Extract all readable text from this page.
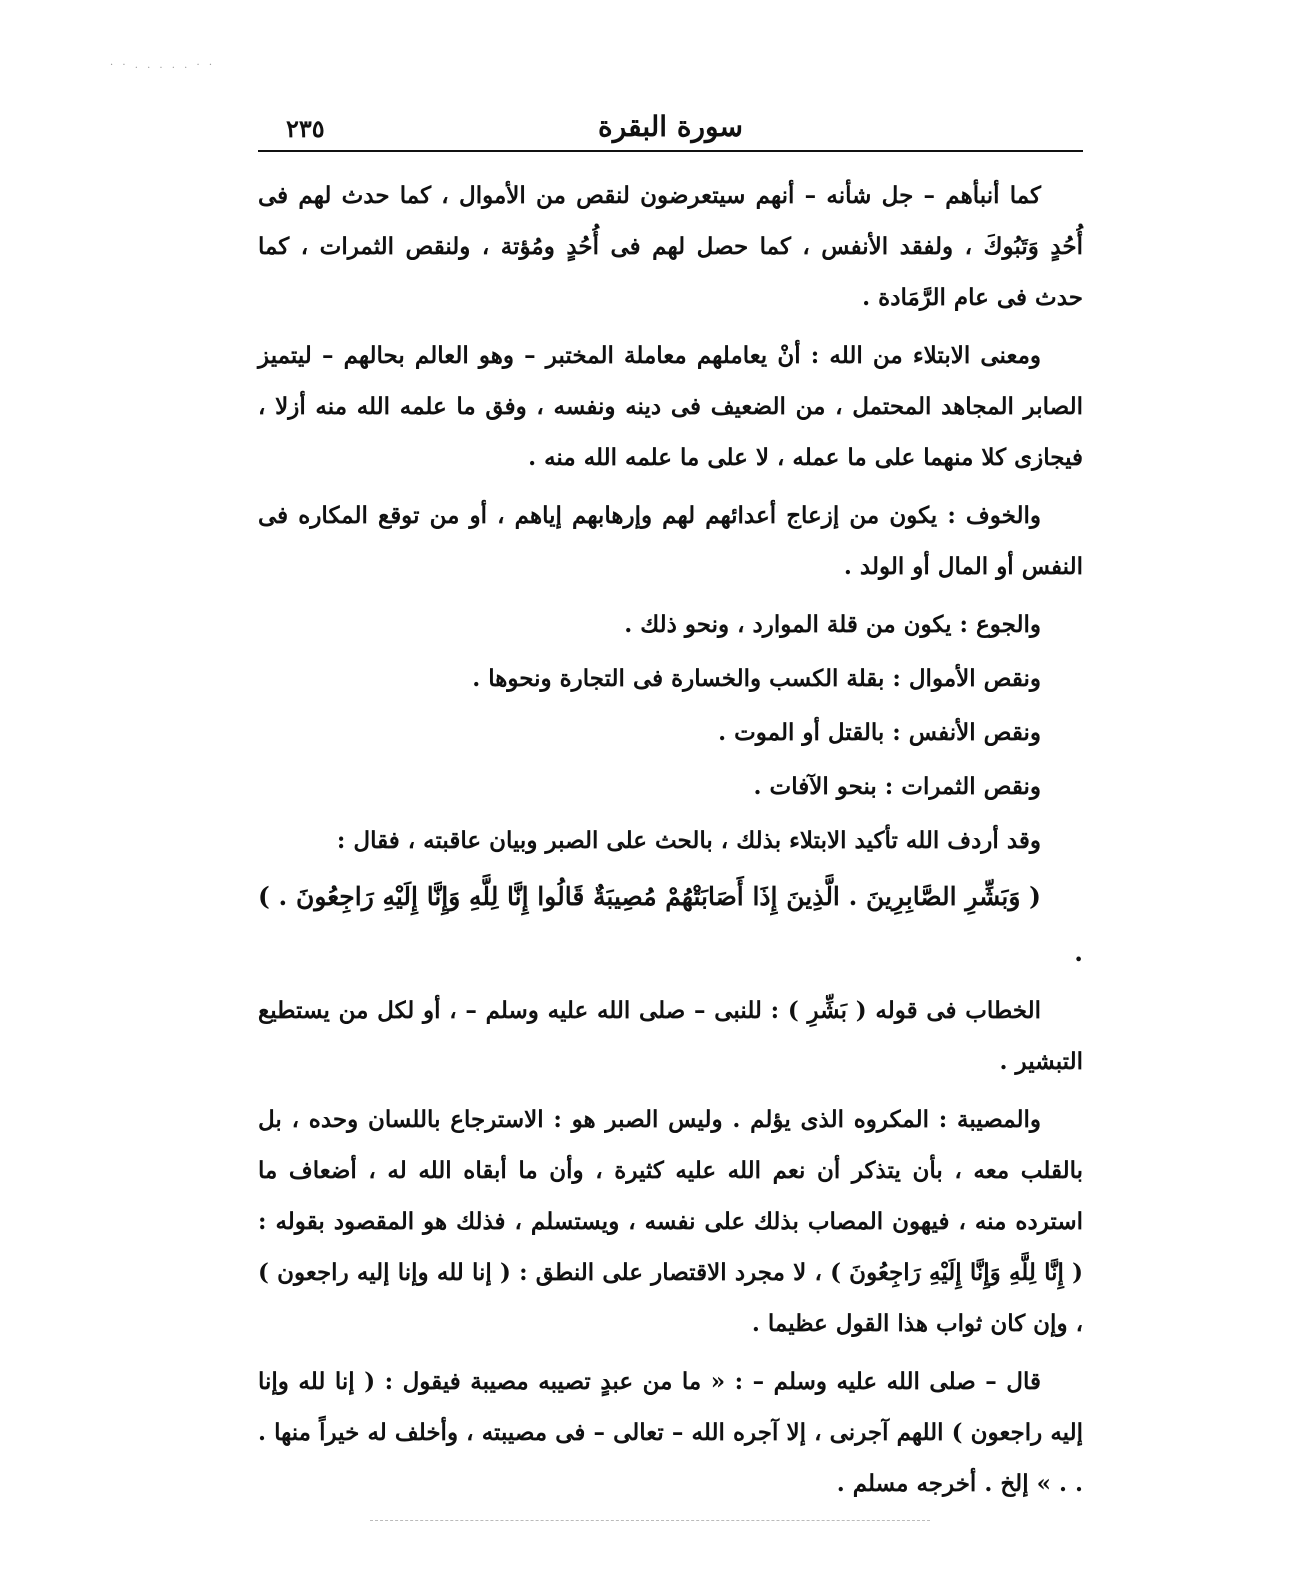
· · . . . . . · ·
٢٣٥	سورة البقرة

كما أنبأهم – جل شأنه – أنهم سيتعرضون لنقص من الأموال ، كما حدث لهم فى أُحُدٍ وَتَبُوكَ ، ولفقد الأنفس ، كما حصل لهم فى أُحُدٍ ومُؤتة ، ولنقص الثمرات ، كما حدث فى عام الرَّمَادة .

ومعنى الابتلاء من الله : أنْ يعاملهم معاملة المختبر – وهو العالم بحالهم – ليتميز الصابر المجاهد المحتمل ، من الضعيف فى دينه ونفسه ، وفق ما علمه الله منه أزلا ، فيجازى كلا منهما على ما عمله ، لا على ما علمه الله منه .

والخوف : يكون من إزعاج أعدائهم لهم وإرهابهم إياهم ، أو من توقع المكاره فى النفس أو المال أو الولد .

والجوع : يكون من قلة الموارد ، ونحو ذلك .

ونقص الأموال : بقلة الكسب والخسارة فى التجارة ونحوها .

ونقص الأنفس : بالقتل أو الموت .

ونقص الثمرات : بنحو الآفات .

وقد أردف الله تأكيد الابتلاء بذلك ، بالحث على الصبر وبيان عاقبته ، فقال :

( وَبَشِّرِ الصَّابِرِينَ . الَّذِينَ إِذَا أَصَابَتْهُمْ مُصِيبَةٌ قَالُوا إِنَّا لِلَّهِ وَإِنَّا إِلَيْهِ رَاجِعُونَ . ) .

الخطاب فى قوله ( بَشِّرِ ) : للنبى – صلى الله عليه وسلم – ، أو لكل من يستطيع التبشير .

والمصيبة : المكروه الذى يؤلم . وليس الصبر هو : الاسترجاع باللسان وحده ، بل بالقلب معه ، بأن يتذكر أن نعم الله عليه كثيرة ، وأن ما أبقاه الله له ، أضعاف ما استرده منه ، فيهون المصاب بذلك على نفسه ، ويستسلم ، فذلك هو المقصود بقوله : ( إِنَّا لِلَّهِ وَإِنَّا إِلَيْهِ رَاجِعُونَ ) ، لا مجرد الاقتصار على النطق : ( إنا لله وإنا إليه راجعون ) ، وإن كان ثواب هذا القول عظيما .

قال – صلى الله عليه وسلم – : « ما من عبدٍ تصيبه مصيبة فيقول : ( إنا لله وإنا إليه راجعون ) اللهم آجرنى ، إلا آجره الله – تعالى – فى مصيبته ، وأخلف له خيراً منها . . . » إلخ . أخرجه مسلم .
